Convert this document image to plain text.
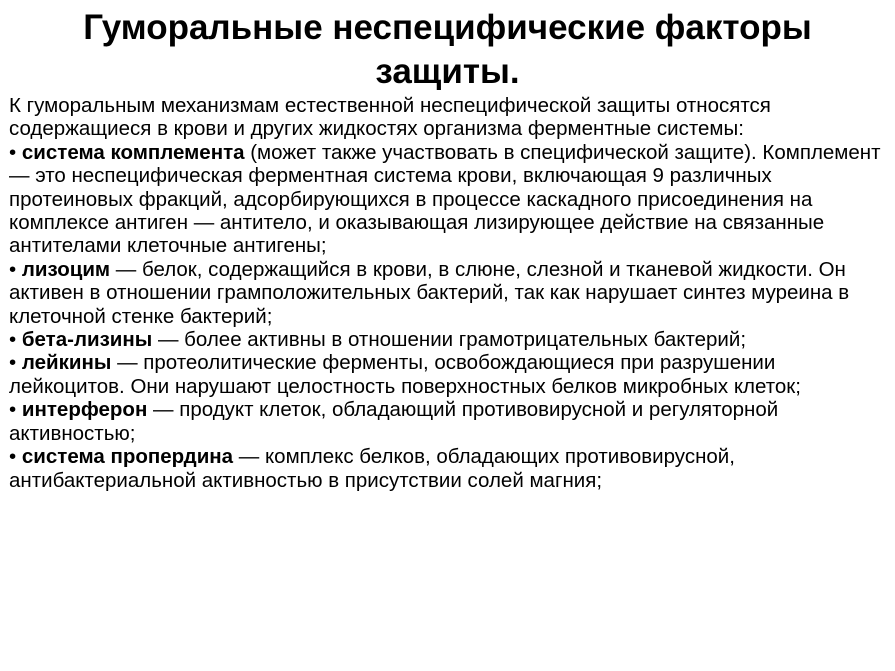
Гуморальные неспецифические факторы защиты.
К гуморальным механизмам естественной неспецифической защиты относятся содержащиеся в крови и других жидкостях организма ферментные системы:
• система комплемента (может также участвовать в специфической защите). Комплемент — это неспецифическая ферментная система крови, включающая 9 различных протеиновых фракций, адсорбирующихся в процессе каскадного присоединения на комплексе антиген — антитело, и оказывающая лизирующее действие на связанные антителами клеточные антигены;
• лизоцим — белок, содержащийся в крови, в слюне, слезной и тканевой жидкости. Он активен в отношении грамположительных бактерий, так как нарушает синтез муреина в клеточной стенке бактерий;
• бета-лизины — более активны в отношении грамотрицательных бактерий;
• лейкины — протеолитические ферменты, освобождающиеся при разрушении лейкоцитов. Они нарушают целостность поверхностных белков микробных клеток;
• интерферон — продукт клеток, обладающий противовирусной и регуляторной активностью;
• система пропердина — комплекс белков, обладающих противовирусной, антибактериальной активностью в присутствии солей магния;
